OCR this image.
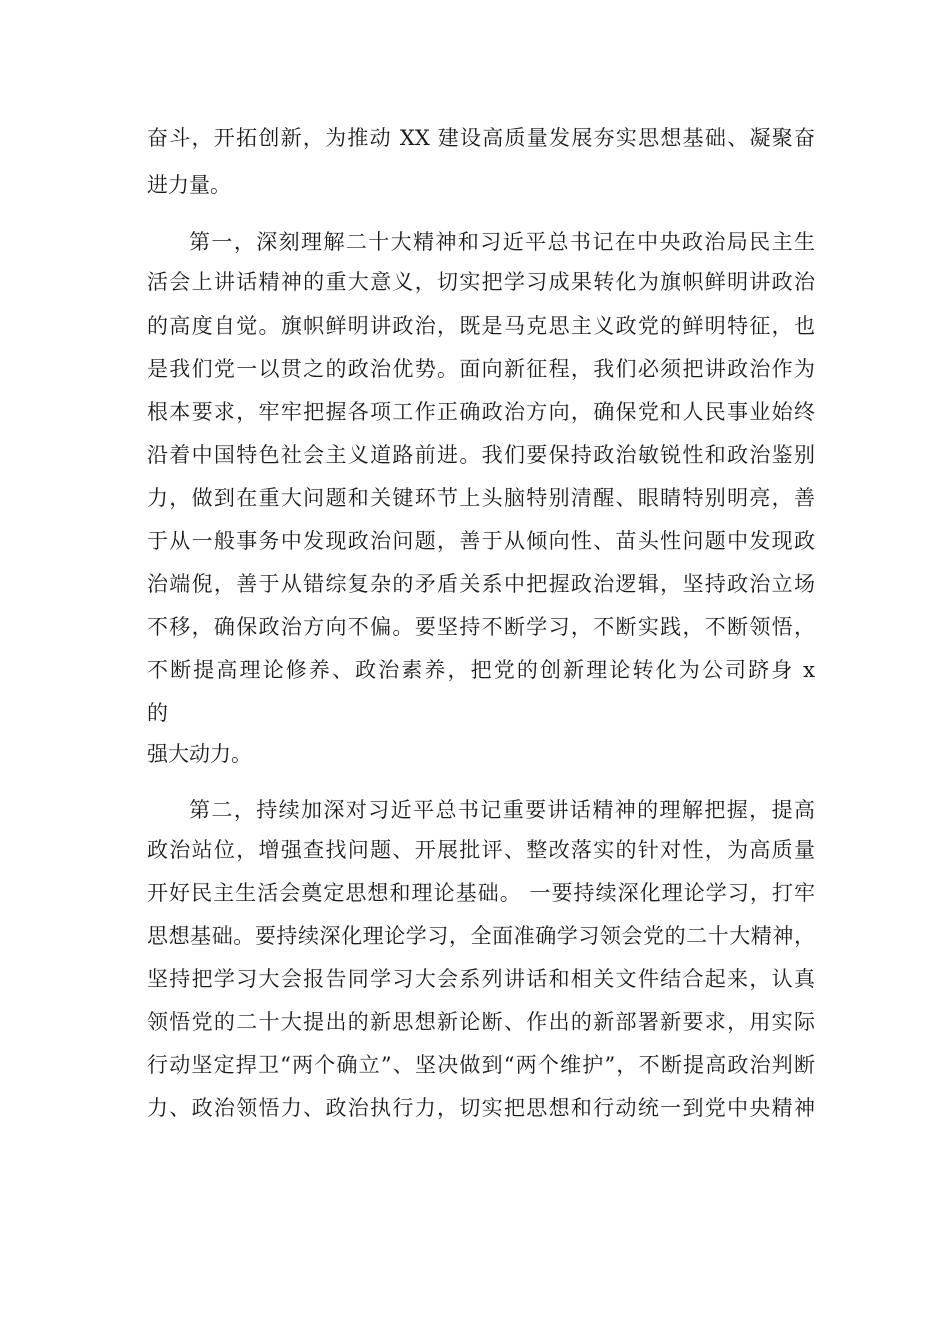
奋斗，开拓创新，为推动 XX 建设高质量发展夯实思想基础、凝聚奋
进力量。
第一，深刻理解二十大精神和习近平总书记在中央政治局民主生
活会上讲话精神的重大意义，切实把学习成果转化为旗帜鲜明讲政治
的高度自觉。旗帜鲜明讲政治，既是马克思主义政党的鲜明特征，也
是我们党一以贯之的政治优势。面向新征程，我们必须把讲政治作为
根本要求，牢牢把握各项工作正确政治方向，确保党和人民事业始终
沿着中国特色社会主义道路前进。我们要保持政治敏锐性和政治鉴别
力，做到在重大问题和关键环节上头脑特别清醒、眼睛特别明亮，善
于从一般事务中发现政治问题，善于从倾向性、苗头性问题中发现政
治端倪，善于从错综复杂的矛盾关系中把握政治逻辑，坚持政治立场
不移，确保政治方向不偏。要坚持不断学习，不断实践，不断领悟，
不断提高理论修养、政治素养，把党的创新理论转化为公司跻身 x
的
强大动力。
第二，持续加深对习近平总书记重要讲话精神的理解把握，提高
政治站位，增强查找问题、开展批评、整改落实的针对性，为高质量
开好民主生活会奠定思想和理论基础。 一要持续深化理论学习，打牢
思想基础。要持续深化理论学习，全面准确学习领会党的二十大精神，
坚持把学习大会报告同学习大会系列讲话和相关文件结合起来，认真
领悟党的二十大提出的新思想新论断、作出的新部署新要求，用实际
行动坚定捍卫“两个确立”、坚决做到“两个维护”，不断提高政治判断
力、政治领悟力、政治执行力，切实把思想和行动统一到党中央精神
